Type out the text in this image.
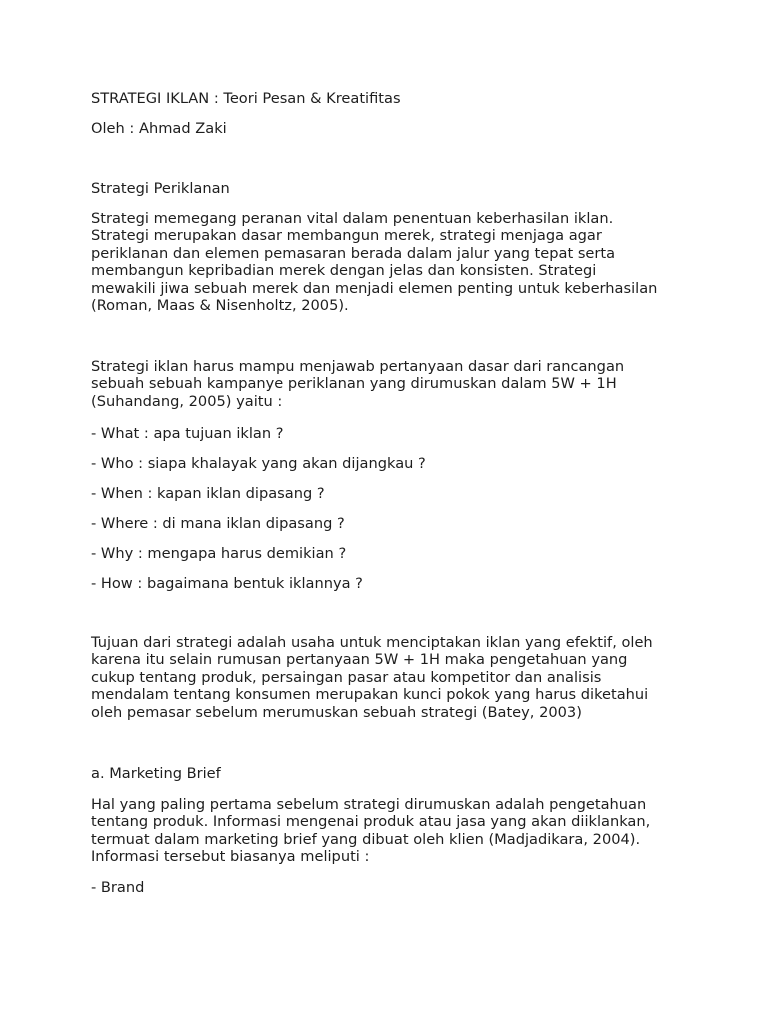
STRATEGI IKLAN : Teori Pesan & Kreatifitas

Oleh : Ahmad Zaki

Strategi Periklanan

Strategi memegang peranan vital dalam penentuan keberhasilan iklan.

Strategi merupakan dasar membangun merek, strategi menjaga agar

periklanan dan elemen pemasaran berada dalam jalur yang tepat serta

membangun kepribadian merek dengan jelas dan konsisten. Strategi

mewakili jiwa sebuah merek dan menjadi elemen penting untuk keberhasilan

(Roman, Maas & Nisenholtz, 2005).

Strategi iklan harus mampu menjawab pertanyaan dasar dari rancangan

sebuah sebuah kampanye periklanan yang dirumuskan dalam 5W + 1H

(Suhandang, 2005) yaitu :

- What : apa tujuan iklan ?

- Who : siapa khalayak yang akan dijangkau ?

- When : kapan iklan dipasang ?

- Where : di mana iklan dipasang ?

- Why : mengapa harus demikian ?

- How : bagaimana bentuk iklannya ?

Tujuan dari strategi adalah usaha untuk menciptakan iklan yang efektif, oleh

karena itu selain rumusan pertanyaan 5W + 1H maka pengetahuan yang

cukup tentang produk, persaingan pasar atau kompetitor dan analisis

mendalam tentang konsumen merupakan kunci pokok yang harus diketahui

oleh pemasar sebelum merumuskan sebuah strategi (Batey, 2003)

a. Marketing Brief

Hal yang paling pertama sebelum strategi dirumuskan adalah pengetahuan

tentang produk. Informasi mengenai produk atau jasa yang akan diiklankan,

termuat dalam marketing brief yang dibuat oleh klien (Madjadikara, 2004).

Informasi tersebut biasanya meliputi :

- Brand
